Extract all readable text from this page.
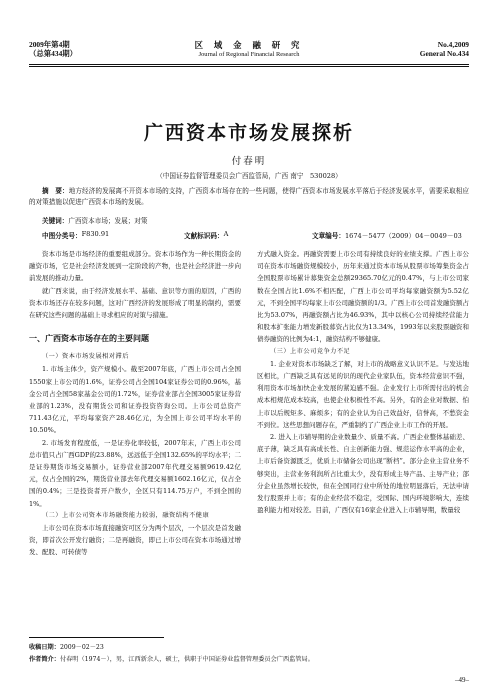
2009年第4期
（总第434期）
区 域 金 融 研 究
Journal of Regional Financial Research
No.4,2009
General No.434
广西资本市场发展探析
付春明
（中国证券监督管理委员会广西监管局，广西 南宁　530028）
摘　要：地方经济的发展离不开资本市场的支持，广西资本市场存在的一些问题，使得广西资本市场发展水平落后于经济发展水平，需要采取相应的对策措施以促进广西资本市场的发展。
关键词：广西资本市场；发展；对策
中图分类号： F830.91	文献标识码： A	文章编号： 1674－5477（2009）04－0049－03

资本市场是市场经济的重要组成部分。资本市场作为一种长期资金的融资市场，它是社会经济发展到一定阶段的产物，也是社会经济进一步向前发展的推动力量。

就广西来说，由于经济发展水平、基础、意识等方面的原因，广西的资本市场还存在较多问题，这对广西经济的发展形成了明显的制约，需要在研究这些问题的基础上寻求相应的对策与措施。

一、广西资本市场存在的主要问题
（一）资本市场发展相对滞后

1. 市场主体少，资产规模小。截至2007年底，广西上市公司占全国1550家上市公司的1.6%，证券公司占全国104家证券公司的0.96%，基金公司占全国58家基金公司的1.72%，证券营业部占全国3005家证券营业部的1.23%，没有期货公司和证券投资咨询公司。上市公司总资产711.43亿元，平均每家资产28.46亿元，为全国上市公司平均水平的10.50%。

2. 市场发育程度低，一是证券化率较低，2007年末，广西上市公司总市值只占广西GDP的23.88%，远远低于全国132.65%的平均水平；二是证券期货市场交易额小，证券营业部2007年代理交易额9619.42亿元，仅占全国的2%，期货营业部去年代理交易额1602.16亿元，仅占全国的0.4%；三是投资者开户数少，全区只有114.75万户，不到全国的1%。

（二）上市公司资本市场融资能力较弱，融资结构不健康

上市公司在资本市场直接融资可区分为两个层次，一个层次是首发融资，即首次公开发行融资；二是再融资，即已上市公司在资本市场通过增发、配股、可转债等

方式融入资金。再融资需要上市公司有持续良好的业绩支撑。广西上市公司在资本市场融资规模较小，历年来通过资本市场从股票市场筹集资金占全国股票市场累计募集资金总额29365.70亿元的0.47%，与上市公司家数在全国占比1.6%不相匹配，广西上市公司平均每家融资额为5.52亿元，不到全国平均每家上市公司融资额的1/3。广西上市公司首发融资额占比为53.07%，再融资额占比为46.93%，其中以核心公司持续经营能力和股本扩张能力增发新股募资占比仅为13.34%，1993年以来股票融资和债券融资的比例为4:1，融资结构不够健康。

（三）上市公司竞争力不足

1. 企业对资本市场缺乏了解，对上市的战略意义认识不足。与发达地区相比，广西缺乏具有远见的识的现代企业家队伍，资本经营意识不强，利用资本市场加快企业发展的紧迫感不强。企业发行上市所需付出的机会成本相规范成本较高，也使企业积极性不高。另外，有的企业对数据、怕上市以后规矩多、麻烦多；有的企业认为自己效益好，信誉高，不愁资金不到位。这些思想问题存在，严重制约了广西企业上市工作的开展。

2. 进入上市辅导期的企业数量少、质量不高。广西企业整体基础差、底子薄，缺乏具有高成长性、自主创新能力强、规范运作水平高的企业，上市后备资源匮乏，优质上市储备公司出现“断档”。部分企业主营业务不够突出，主营业务利润所占比重太少，没有形成主导产品、主导产业；部分企业虽然增长较快，但在全国同行业中所处的地位明显落后，无法申请发行股票并上市；有的企业经营不稳定，受国际、国内环境影响大，连续盈利能力相对较差。目前，广西仅有16家企业进入上市辅导期，数量较

收稿日期：2009－02－23
作者简介：付春明（1974－），男，江西新余人，硕士，供职于中国证券业监督管理委员会广西监管局。
–49–
